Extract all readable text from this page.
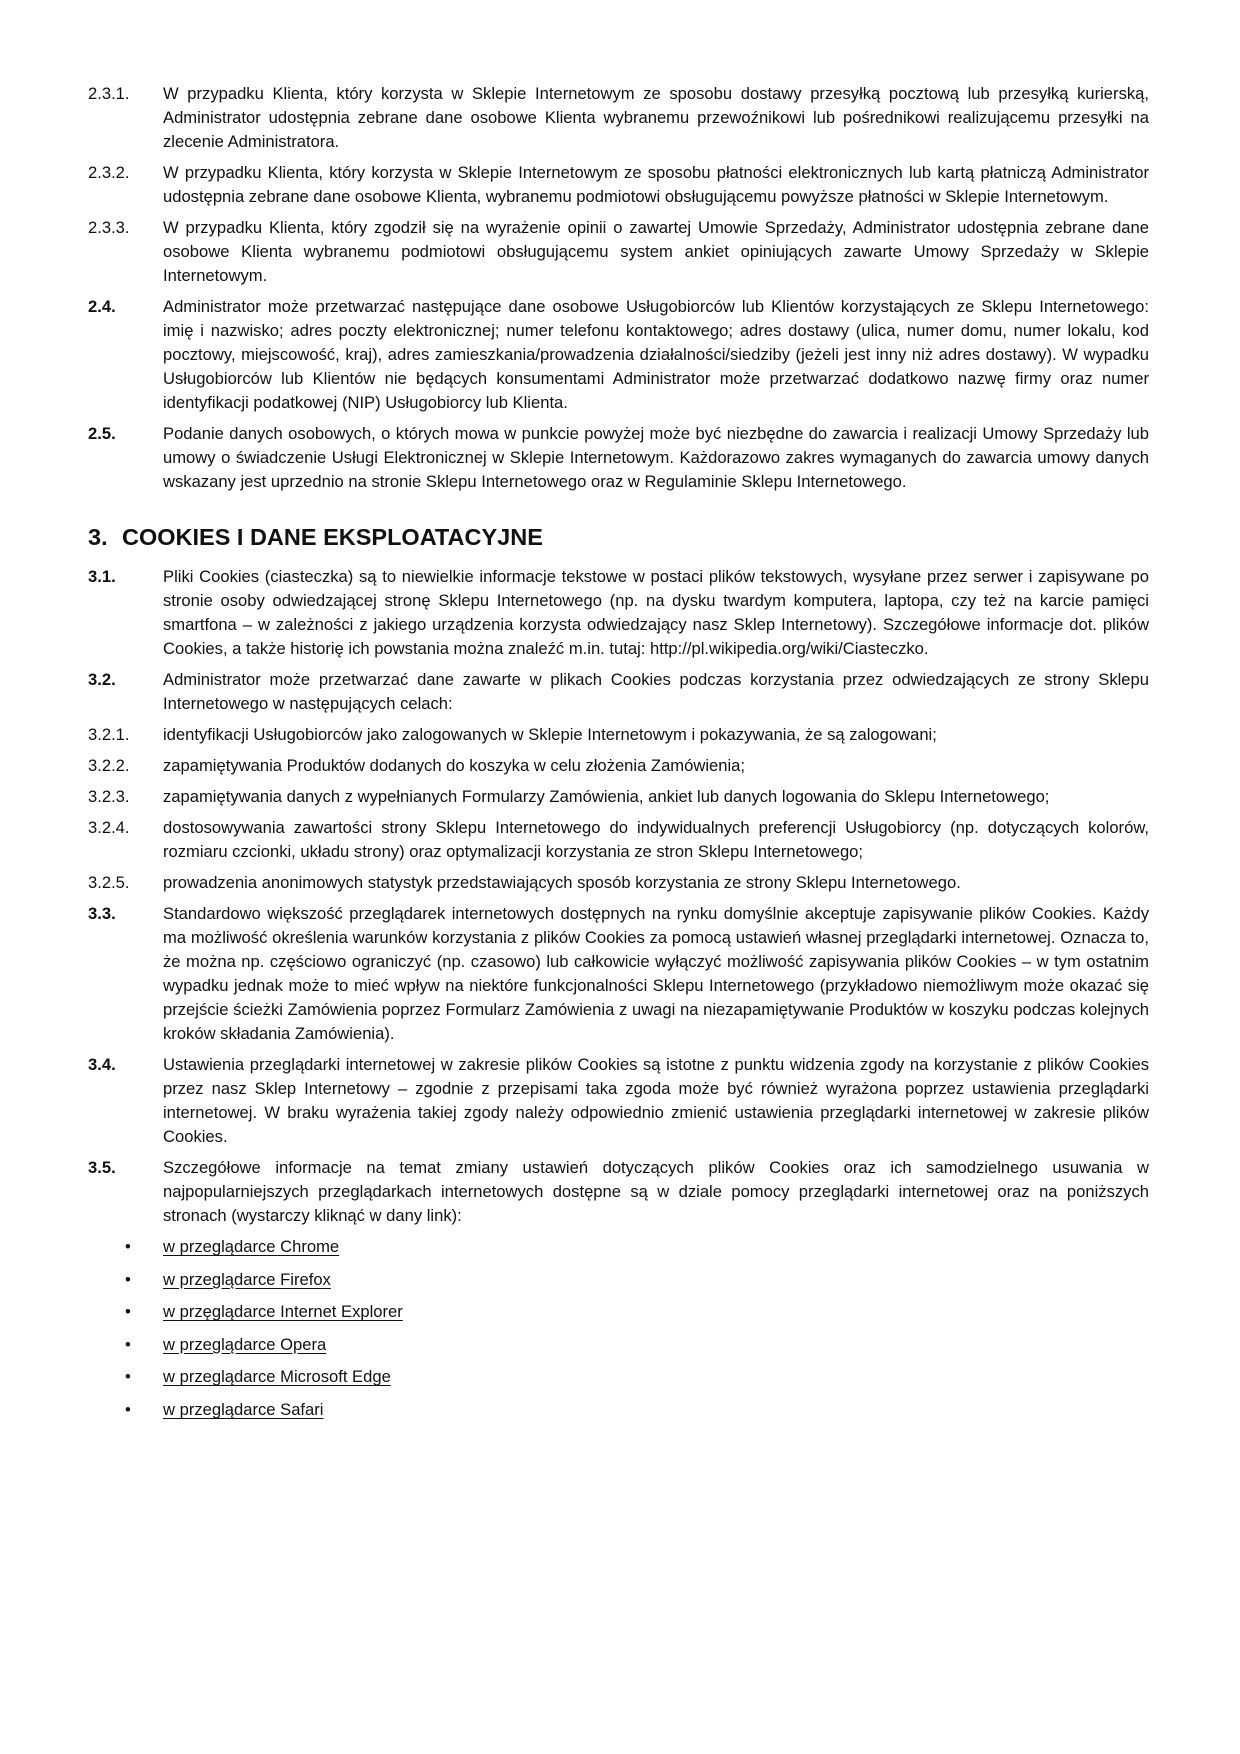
2.3.1.	W przypadku Klienta, który korzysta w Sklepie Internetowym ze sposobu dostawy przesyłką pocztową lub przesyłką kurierską, Administrator udostępnia zebrane dane osobowe Klienta wybranemu przewoźnikowi lub pośrednikowi realizującemu przesyłki na zlecenie Administratora.
2.3.2.	W przypadku Klienta, który korzysta w Sklepie Internetowym ze sposobu płatności elektronicznych lub kartą płatniczą Administrator udostępnia zebrane dane osobowe Klienta, wybranemu podmiotowi obsługującemu powyższe płatności w Sklepie Internetowym.
2.3.3.	W przypadku Klienta, który zgodził się na wyrażenie opinii o zawartej Umowie Sprzedaży, Administrator udostępnia zebrane dane osobowe Klienta wybranemu podmiotowi obsługującemu system ankiet opiniujących zawarte Umowy Sprzedaży w Sklepie Internetowym.
2.4.	Administrator może przetwarzać następujące dane osobowe Usługobiorców lub Klientów korzystających ze Sklepu Internetowego: imię i nazwisko; adres poczty elektronicznej; numer telefonu kontaktowego; adres dostawy (ulica, numer domu, numer lokalu, kod pocztowy, miejscowość, kraj), adres zamieszkania/prowadzenia działalności/siedziby (jeżeli jest inny niż adres dostawy). W wypadku Usługobiorców lub Klientów nie będących konsumentami Administrator może przetwarzać dodatkowo nazwę firmy oraz numer identyfikacji podatkowej (NIP) Usługobiorcy lub Klienta.
2.5.	Podanie danych osobowych, o których mowa w punkcie powyżej może być niezbędne do zawarcia i realizacji Umowy Sprzedaży lub umowy o świadczenie Usługi Elektronicznej w Sklepie Internetowym. Każdorazowo zakres wymaganych do zawarcia umowy danych wskazany jest uprzednio na stronie Sklepu Internetowego oraz w Regulaminie Sklepu Internetowego.
3. COOKIES I DANE EKSPLOATACYJNE
3.1.	Pliki Cookies (ciasteczka) są to niewielkie informacje tekstowe w postaci plików tekstowych, wysyłane przez serwer i zapisywane po stronie osoby odwiedzającej stronę Sklepu Internetowego (np. na dysku twardym komputera, laptopa, czy też na karcie pamięci smartfona – w zależności z jakiego urządzenia korzysta odwiedzający nasz Sklep Internetowy). Szczegółowe informacje dot. plików Cookies, a także historię ich powstania można znaleźć m.in. tutaj: http://pl.wikipedia.org/wiki/Ciasteczko.
3.2.	Administrator może przetwarzać dane zawarte w plikach Cookies podczas korzystania przez odwiedzających ze strony Sklepu Internetowego w następujących celach:
3.2.1.	identyfikacji Usługobiorców jako zalogowanych w Sklepie Internetowym i pokazywania, że są zalogowani;
3.2.2.	zapamiętywania Produktów dodanych do koszyka w celu złożenia Zamówienia;
3.2.3.	zapamiętywania danych z wypełnianych Formularzy Zamówienia, ankiet lub danych logowania do Sklepu Internetowego;
3.2.4.	dostosowywania zawartości strony Sklepu Internetowego do indywidualnych preferencji Usługobiorcy (np. dotyczących kolorów, rozmiaru czcionki, układu strony) oraz optymalizacji korzystania ze stron Sklepu Internetowego;
3.2.5.	prowadzenia anonimowych statystyk przedstawiających sposób korzystania ze strony Sklepu Internetowego.
3.3.	Standardowo większość przeglądarek internetowych dostępnych na rynku domyślnie akceptuje zapisywanie plików Cookies. Każdy ma możliwość określenia warunków korzystania z plików Cookies za pomocą ustawień własnej przeglądarki internetowej. Oznacza to, że można np. częściowo ograniczyć (np. czasowo) lub całkowicie wyłączyć możliwość zapisywania plików Cookies – w tym ostatnim wypadku jednak może to mieć wpływ na niektóre funkcjonalności Sklepu Internetowego (przykładowo niemożliwym może okazać się przejście ścieżki Zamówienia poprzez Formularz Zamówienia z uwagi na niezapamiętywanie Produktów w koszyku podczas kolejnych kroków składania Zamówienia).
3.4.	Ustawienia przeglądarki internetowej w zakresie plików Cookies są istotne z punktu widzenia zgody na korzystanie z plików Cookies przez nasz Sklep Internetowy – zgodnie z przepisami taka zgoda może być również wyrażona poprzez ustawienia przeglądarki internetowej. W braku wyrażenia takiej zgody należy odpowiednio zmienić ustawienia przeglądarki internetowej w zakresie plików Cookies.
3.5.	Szczegółowe informacje na temat zmiany ustawień dotyczących plików Cookies oraz ich samodzielnego usuwania w najpopularniejszych przeglądarkach internetowych dostępne są w dziale pomocy przeglądarki internetowej oraz na poniższych stronach (wystarczy kliknąć w dany link):
•	w przeglądarce Chrome
•	w przeglądarce Firefox
•	w przęglądarce Internet Explorer
•	w przeglądarce Opera
•	w przeglądarce Microsoft Edge
•	w przeglądarce Safari
